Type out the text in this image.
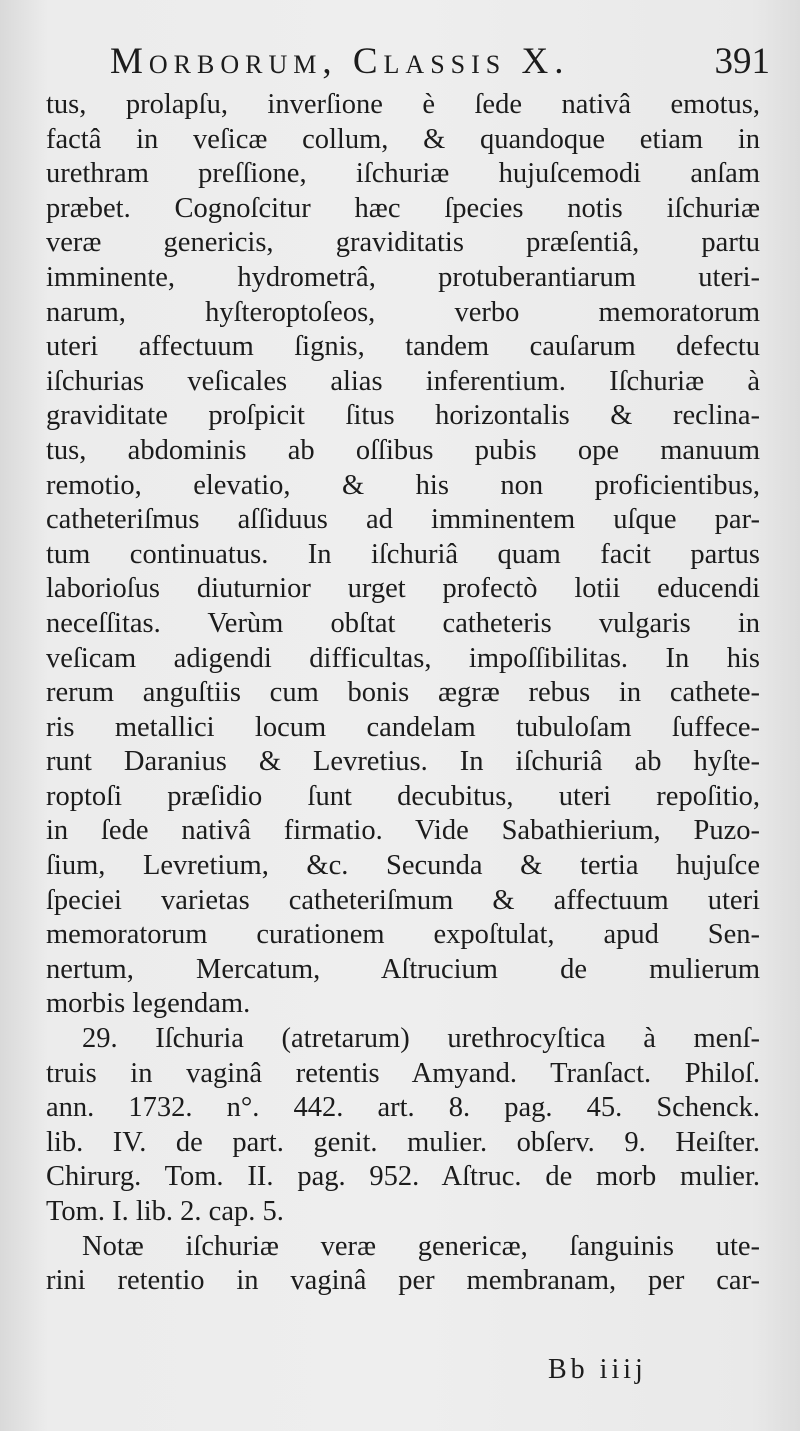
Morborum, Classis X.	391
tus, prolapſu, inverſione è ſede nativâ emotus,
factâ in veſicæ collum, & quandoque etiam in
urethram preſſione, iſchuriæ hujuſcemodi anſam
præbet. Cognoſcitur hæc ſpecies notis iſchuriæ
veræ genericis, graviditatis præſentiâ, partu
imminente, hydrometrâ, protuberantiarum uteri-
narum, hyſteroptoſeos, verbo memoratorum
uteri affectuum ſignis, tandem cauſarum defectu
iſchurias veſicales alias inferentium. Iſchuriæ à
graviditate proſpicit ſitus horizontalis & reclina-
tus, abdominis ab oſſibus pubis ope manuum
remotio, elevatio, & his non proficientibus,
catheteriſmus aſſiduus ad imminentem uſque par-
tum continuatus. In iſchuriâ quam facit partus
laborioſus diuturnior urget profectò lotii educendi
neceſſitas. Verùm obſtat catheteris vulgaris in
veſicam adigendi difficultas, impoſſibilitas. In his
rerum anguſtiis cum bonis ægræ rebus in cathete-
ris metallici locum candelam tubuloſam ſuffece-
runt Daranius & Levretius. In iſchuriâ ab hyſte-
roptoſi præſidio ſunt decubitus, uteri repoſitio,
in ſede nativâ firmatio. Vide Sabathierium, Puzo-
ſium, Levretium, &c. Secunda & tertia hujuſce
ſpeciei varietas catheteriſmum & affectuum uteri
memoratorum curationem expoſtulat, apud Sen-
nertum, Mercatum, Aſtrucium de mulierum
morbis legendam.
29. Iſchuria (atretarum) urethrocyſtica à menſ-
truis in vaginâ retentis Amyand. Tranſact. Philoſ.
ann. 1732. n°. 442. art. 8. pag. 45. Schenck.
lib. IV. de part. genit. mulier. obſerv. 9. Heiſter.
Chirurg. Tom. II. pag. 952. Aſtruc. de morb mulier.
Tom. I. lib. 2. cap. 5.
Notæ iſchuriæ veræ genericæ, ſanguinis ute-
rini retentio in vaginâ per membranam, per car-
Bb iiij
